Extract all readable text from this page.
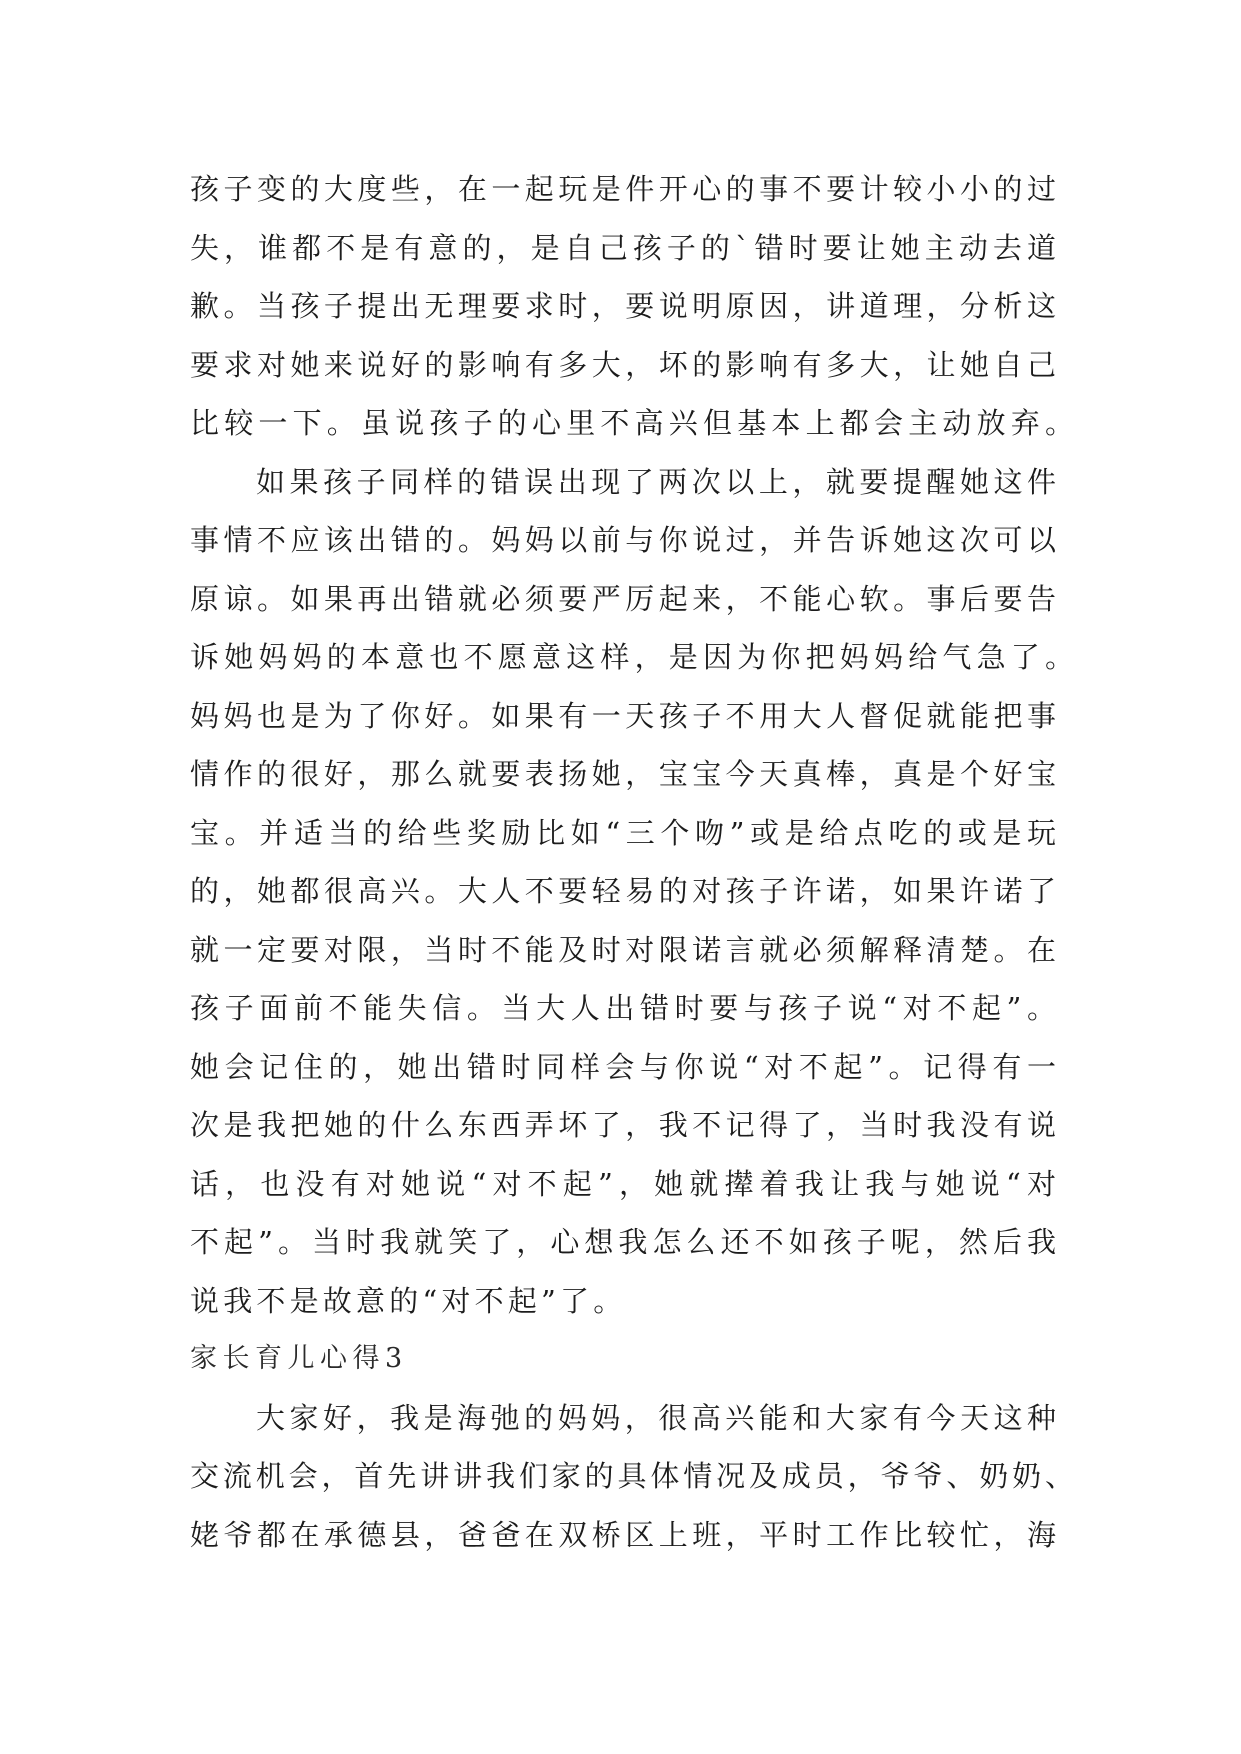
孩子变的大度些，在一起玩是件开心的事不要计较小小的过
失，谁都不是有意的，是自己孩子的`错时要让她主动去道
歉。当孩子提出无理要求时，要说明原因，讲道理，分析这
要求对她来说好的影响有多大，坏的影响有多大，让她自己
比较一下。虽说孩子的心里不高兴但基本上都会主动放弃。
如果孩子同样的错误出现了两次以上，就要提醒她这件
事情不应该出错的。妈妈以前与你说过，并告诉她这次可以
原谅。如果再出错就必须要严厉起来，不能心软。事后要告
诉她妈妈的本意也不愿意这样，是因为你把妈妈给气急了。
妈妈也是为了你好。如果有一天孩子不用大人督促就能把事
情作的很好，那么就要表扬她，宝宝今天真棒，真是个好宝
宝。并适当的给些奖励比如“三个吻”或是给点吃的或是玩
的，她都很高兴。大人不要轻易的对孩子许诺，如果许诺了
就一定要对限，当时不能及时对限诺言就必须解释清楚。在
孩子面前不能失信。当大人出错时要与孩子说“对不起”。
她会记住的，她出错时同样会与你说“对不起”。记得有一
次是我把她的什么东西弄坏了，我不记得了，当时我没有说
话，也没有对她说“对不起”，她就撵着我让我与她说“对
不起”。当时我就笑了，心想我怎么还不如孩子呢，然后我
说我不是故意的“对不起”了。
家长育儿心得3
大家好，我是海弛的妈妈，很高兴能和大家有今天这种
交流机会，首先讲讲我们家的具体情况及成员，爷爷、奶奶、
姥爷都在承德县，爸爸在双桥区上班，平时工作比较忙，海
